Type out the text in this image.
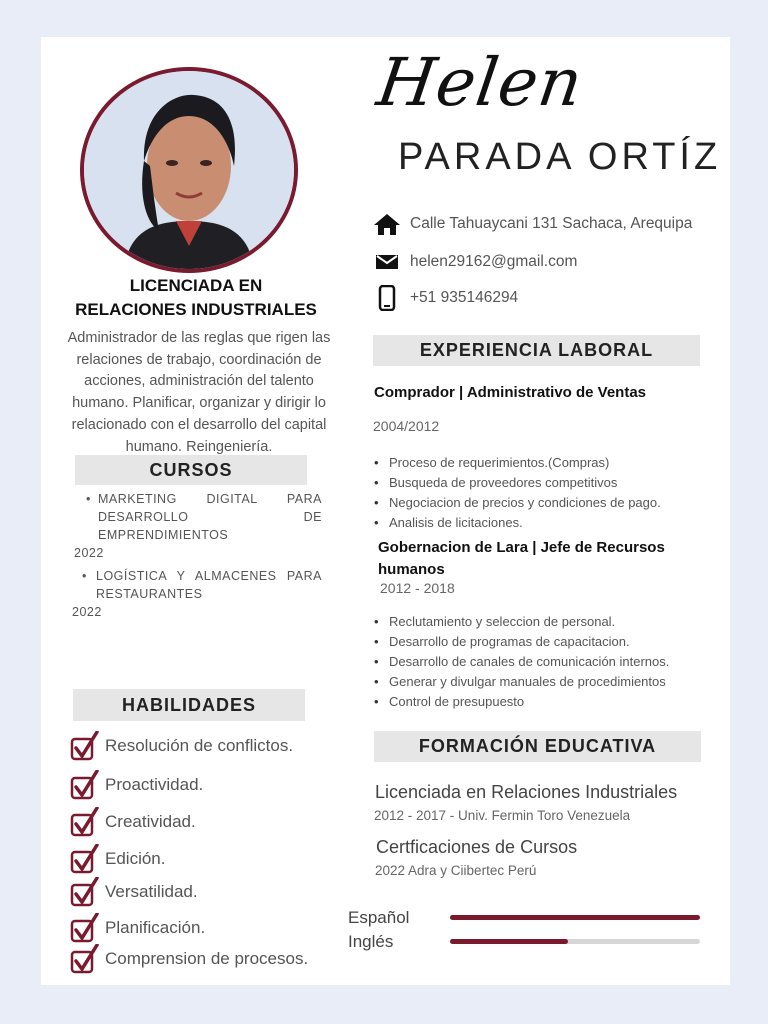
Helen
PARADA ORTÍZ
Calle Tahuaycani 131 Sachaca, Arequipa
helen29162@gmail.com
+51 935146294
LICENCIADA EN
RELACIONES INDUSTRIALES
Administrador de las reglas que rigen las relaciones de trabajo, coordinación de acciones, administración del talento humano. Planificar, organizar y dirigir lo relacionado con el desarrollo del capital humano. Reingeniería.
CURSOS
• MARKETING DIGITAL PARA
DESARROLLO DE
EMPRENDIMIENTOS
2022
• LOGÍSTICA Y ALMACENES PARA
RESTAURANTES
2022
HABILIDADES
Resolución de conflictos.
Proactividad.
Creatividad.
Edición.
Versatilidad.
Planificación.
Comprension de procesos.
EXPERIENCIA LABORAL
Comprador | Administrativo de Ventas
2004/2012
• Proceso de requerimientos.(Compras)
• Busqueda de proveedores competitivos
• Negociacion de precios y condiciones de pago.
• Analisis de licitaciones.
Gobernacion de Lara | Jefe de Recursos
humanos
2012 - 2018
• Reclutamiento y seleccion de personal.
• Desarrollo de programas de capacitacion.
• Desarrollo de canales de comunicación internos.
• Generar y divulgar manuales de procedimientos
• Control de presupuesto
FORMACIÓN EDUCATIVA
Licenciada en Relaciones Industriales
2012 - 2017 - Univ. Fermin Toro Venezuela
Certficaciones de Cursos
2022 Adra y Ciibertec Perú
Español
Inglés
